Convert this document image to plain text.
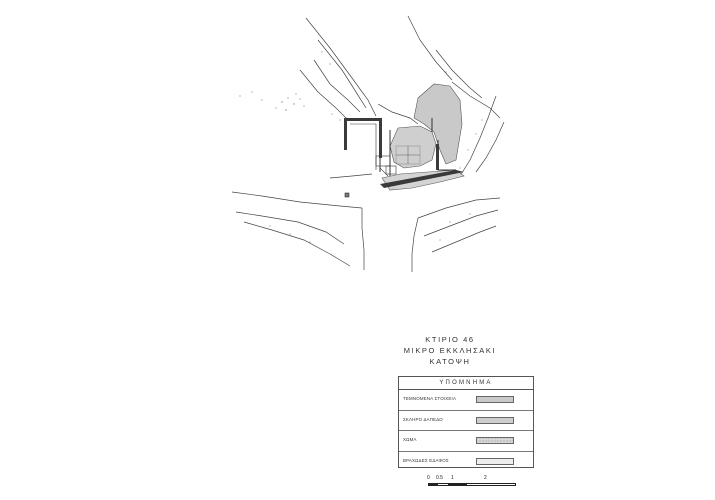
ΚΤΙΡΙΟ 46
ΜΙΚΡΟ ΕΚΚΛΗΣΑΚΙ
ΚΑΤΟΨΗ
ΥΠΟΜΝΗΜΑ
ΤΕΜΝΟΜΕΝΑ ΣΤΟΙΧΕΙΑ
ΣΚΛΗΡΟ ΔΑΠΕΔΟ
ΧΩΜΑ
ΒΡΑΧΩΔΕΣ ΕΔΑΦΟΣ
0 0.5 1	2
